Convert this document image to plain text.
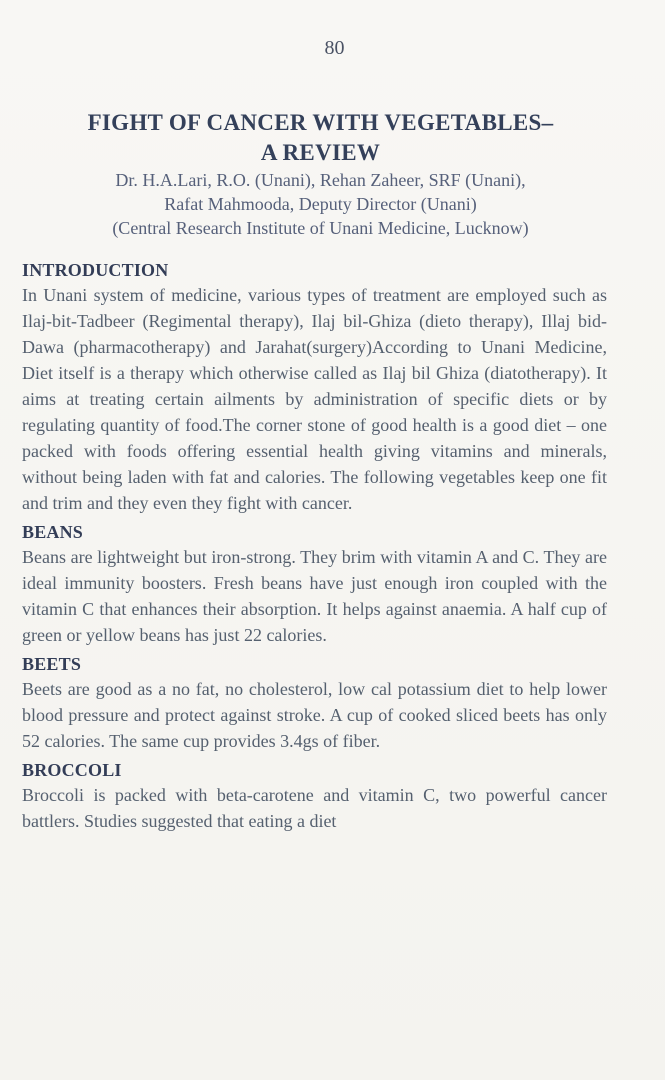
80
FIGHT OF CANCER WITH VEGETABLES–
A REVIEW
Dr. H.A.Lari, R.O. (Unani), Rehan Zaheer, SRF (Unani),
Rafat Mahmooda, Deputy Director (Unani)
(Central Research Institute of Unani Medicine, Lucknow)
INTRODUCTION

In Unani system of medicine, various types of treatment are employed such as Ilaj-bit-Tadbeer (Regimental therapy), Ilaj bil-Ghiza (dieto therapy), Illaj bid-Dawa (pharmacotherapy) and Jarahat(surgery)According to Unani Medicine, Diet itself is a therapy which otherwise called as Ilaj bil Ghiza (diatotherapy). It aims at treating certain ailments by administration of specific diets or by regulating quantity of food.The corner stone of good health is a good diet – one packed with foods offering essential health giving vitamins and minerals, without being laden with fat and calories. The following vegetables keep one fit and trim and they even they fight with cancer.

BEANS

Beans are lightweight but iron-strong. They brim with vitamin A and C. They are ideal immunity boosters. Fresh beans have just enough iron coupled with the vitamin C that enhances their absorption. It helps against anaemia. A half cup of green or yellow beans has just 22 calories.

BEETS

Beets are good as a no fat, no cholesterol, low cal potassium diet to help lower blood pressure and protect against stroke. A cup of cooked sliced beets has only 52 calories. The same cup provides 3.4gs of fiber.

BROCCOLI

Broccoli is packed with beta-carotene and vitamin C, two powerful cancer battlers. Studies suggested that eating a diet
